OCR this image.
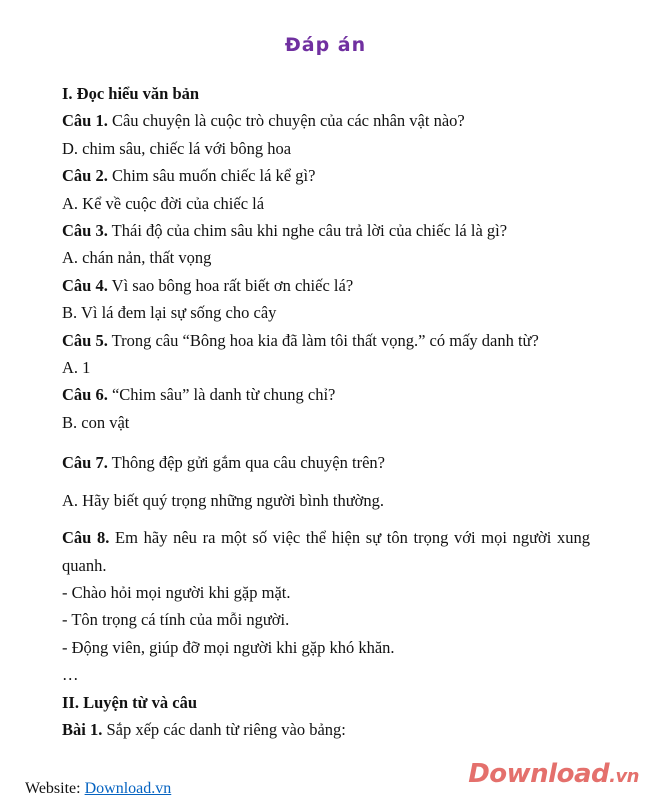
Đáp án

I. Đọc hiểu văn bản

Câu 1. Câu chuyện là cuộc trò chuyện của các nhân vật nào?

D. chim sâu, chiếc lá với bông hoa

Câu 2. Chim sâu muốn chiếc lá kể gì?

A. Kể về cuộc đời của chiếc lá

Câu 3. Thái độ của chim sâu khi nghe câu trả lời của chiếc lá là gì?

A. chán nản, thất vọng

Câu 4. Vì sao bông hoa rất biết ơn chiếc lá?

B. Vì lá đem lại sự sống cho cây

Câu 5. Trong câu “Bông hoa kia đã làm tôi thất vọng.” có mấy danh từ?

A. 1

Câu 6. “Chim sâu” là danh từ chung chỉ?

B. con vật

Câu 7. Thông đệp gửi gắm qua câu chuyện trên?

A. Hãy biết quý trọng những người bình thường.

Câu 8. Em hãy nêu ra một số việc thể hiện sự tôn trọng với mọi người xung quanh.

- Chào hỏi mọi người khi gặp mặt.

- Tôn trọng cá tính của mỗi người.

- Động viên, giúp đỡ mọi người khi gặp khó khăn.

…

II. Luyện từ và câu

Bài 1. Sắp xếp các danh từ riêng vào bảng:

Website: Download.vn	Download.vn
